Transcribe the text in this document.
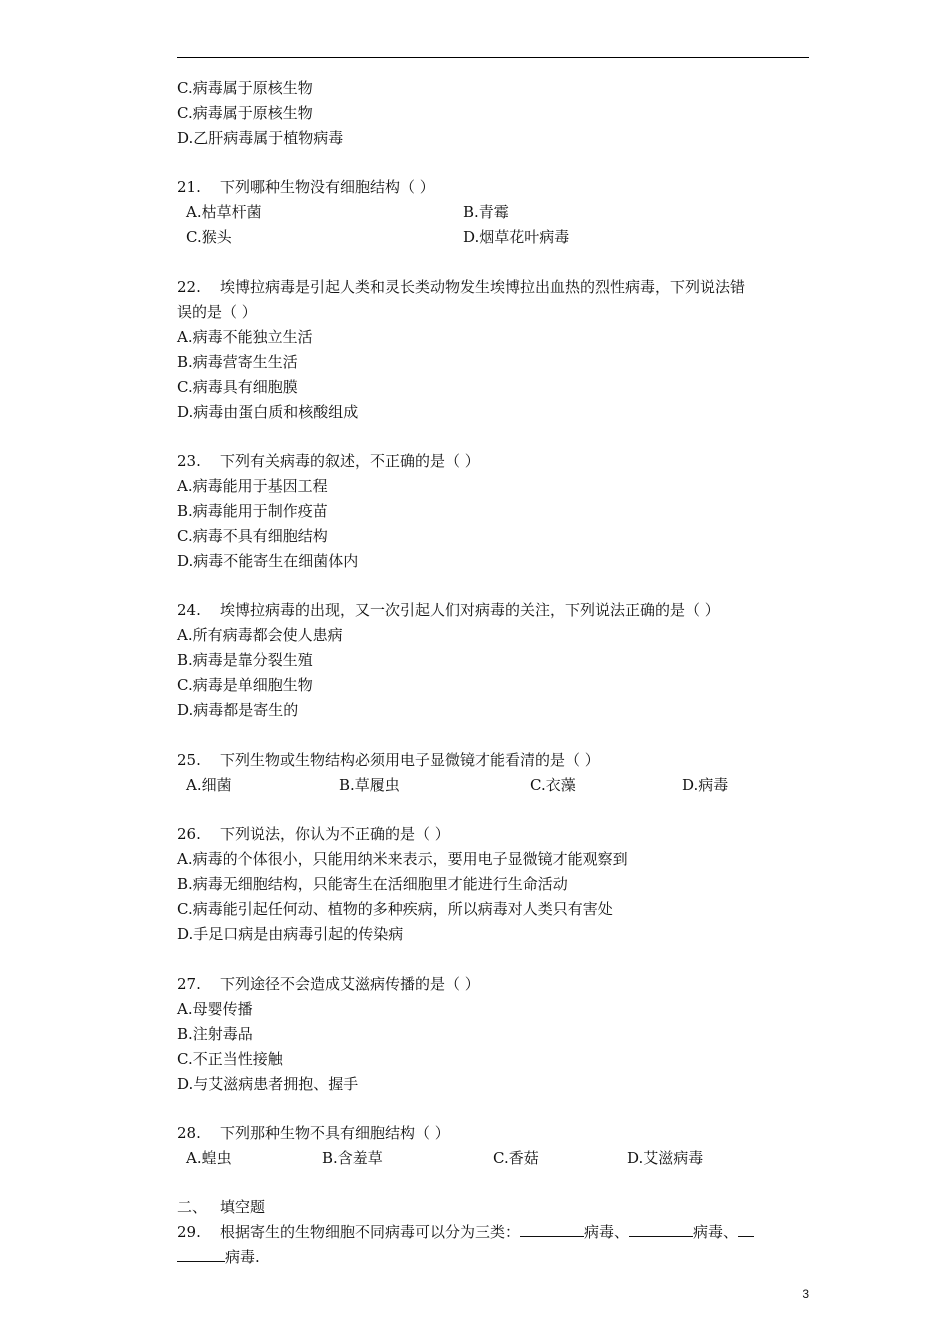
C.病毒属于原核生物
C.病毒属于原核生物
D.乙肝病毒属于植物病毒
21. 下列哪种生物没有细胞结构（ ）
A.枯草杆菌	B.青霉
C.猴头	D.烟草花叶病毒
22. 埃博拉病毒是引起人类和灵长类动物发生埃博拉出血热的烈性病毒，下列说法错
误的是（ ）
A.病毒不能独立生活
B.病毒营寄生生活
C.病毒具有细胞膜
D.病毒由蛋白质和核酸组成
23. 下列有关病毒的叙述，不正确的是（ ）
A.病毒能用于基因工程
B.病毒能用于制作疫苗
C.病毒不具有细胞结构
D.病毒不能寄生在细菌体内
24. 埃博拉病毒的出现，又一次引起人们对病毒的关注，下列说法正确的是（ ）
A.所有病毒都会使人患病
B.病毒是靠分裂生殖
C.病毒是单细胞生物
D.病毒都是寄生的
25. 下列生物或生物结构必须用电子显微镜才能看清的是（ ）
A.细菌	B.草履虫	C.衣藻	D.病毒
26. 下列说法，你认为不正确的是（ ）
A.病毒的个体很小，只能用纳米来表示，要用电子显微镜才能观察到
B.病毒无细胞结构，只能寄生在活细胞里才能进行生命活动
C.病毒能引起任何动、植物的多种疾病，所以病毒对人类只有害处
D.手足口病是由病毒引起的传染病
27. 下列途径不会造成艾滋病传播的是（ ）
A.母婴传播
B.注射毒品
C.不正当性接触
D.与艾滋病患者拥抱、握手
28. 下列那种生物不具有细胞结构（ ）
A.蝗虫	B.含羞草	C.香菇	D.艾滋病毒
二、 填空题
29. 根据寄生的生物细胞不同病毒可以分为三类：	病毒、	病毒、
病毒.
3
